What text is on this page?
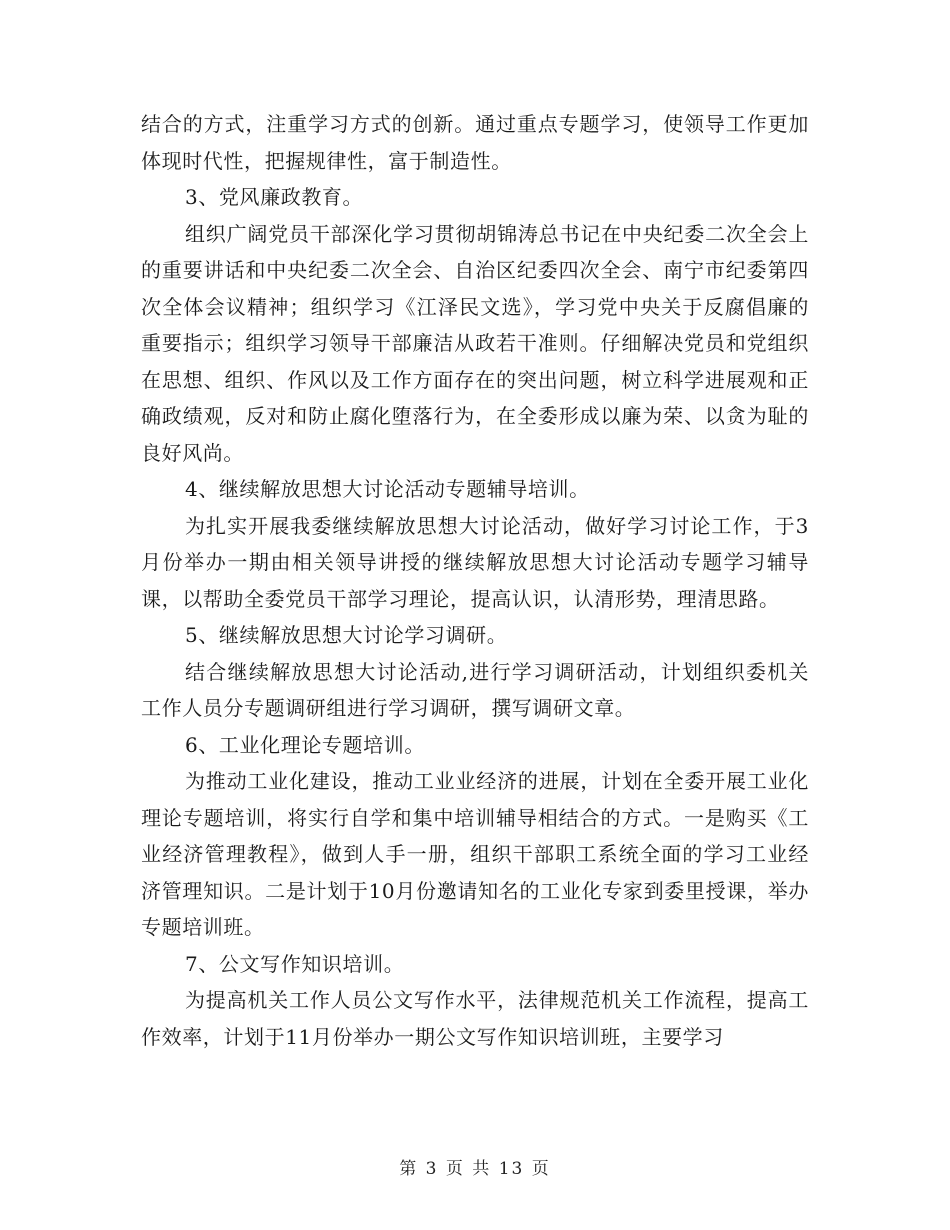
结合的方式，注重学习方式的创新。通过重点专题学习，使领导工作更加体现时代性，把握规律性，富于制造性。

3、党风廉政教育。

组织广阔党员干部深化学习贯彻胡锦涛总书记在中央纪委二次全会上的重要讲话和中央纪委二次全会、自治区纪委四次全会、南宁市纪委第四次全体会议精神；组织学习《江泽民文选》，学习党中央关于反腐倡廉的重要指示；组织学习领导干部廉洁从政若干准则。仔细解决党员和党组织在思想、组织、作风以及工作方面存在的突出问题，树立科学进展观和正确政绩观，反对和防止腐化堕落行为，在全委形成以廉为荣、以贪为耻的良好风尚。

4、继续解放思想大讨论活动专题辅导培训。

为扎实开展我委继续解放思想大讨论活动，做好学习讨论工作，于3月份举办一期由相关领导讲授的继续解放思想大讨论活动专题学习辅导课，以帮助全委党员干部学习理论，提高认识，认清形势，理清思路。

5、继续解放思想大讨论学习调研。

结合继续解放思想大讨论活动,进行学习调研活动，计划组织委机关工作人员分专题调研组进行学习调研，撰写调研文章。

6、工业化理论专题培训。

为推动工业化建设，推动工业业经济的进展，计划在全委开展工业化理论专题培训，将实行自学和集中培训辅导相结合的方式。一是购买《工业经济管理教程》，做到人手一册，组织干部职工系统全面的学习工业经济管理知识。二是计划于10月份邀请知名的工业化专家到委里授课，举办专题培训班。

7、公文写作知识培训。

为提高机关工作人员公文写作水平，法律规范机关工作流程，提高工作效率，计划于11月份举办一期公文写作知识培训班，主要学习

第 3 页 共 13 页
